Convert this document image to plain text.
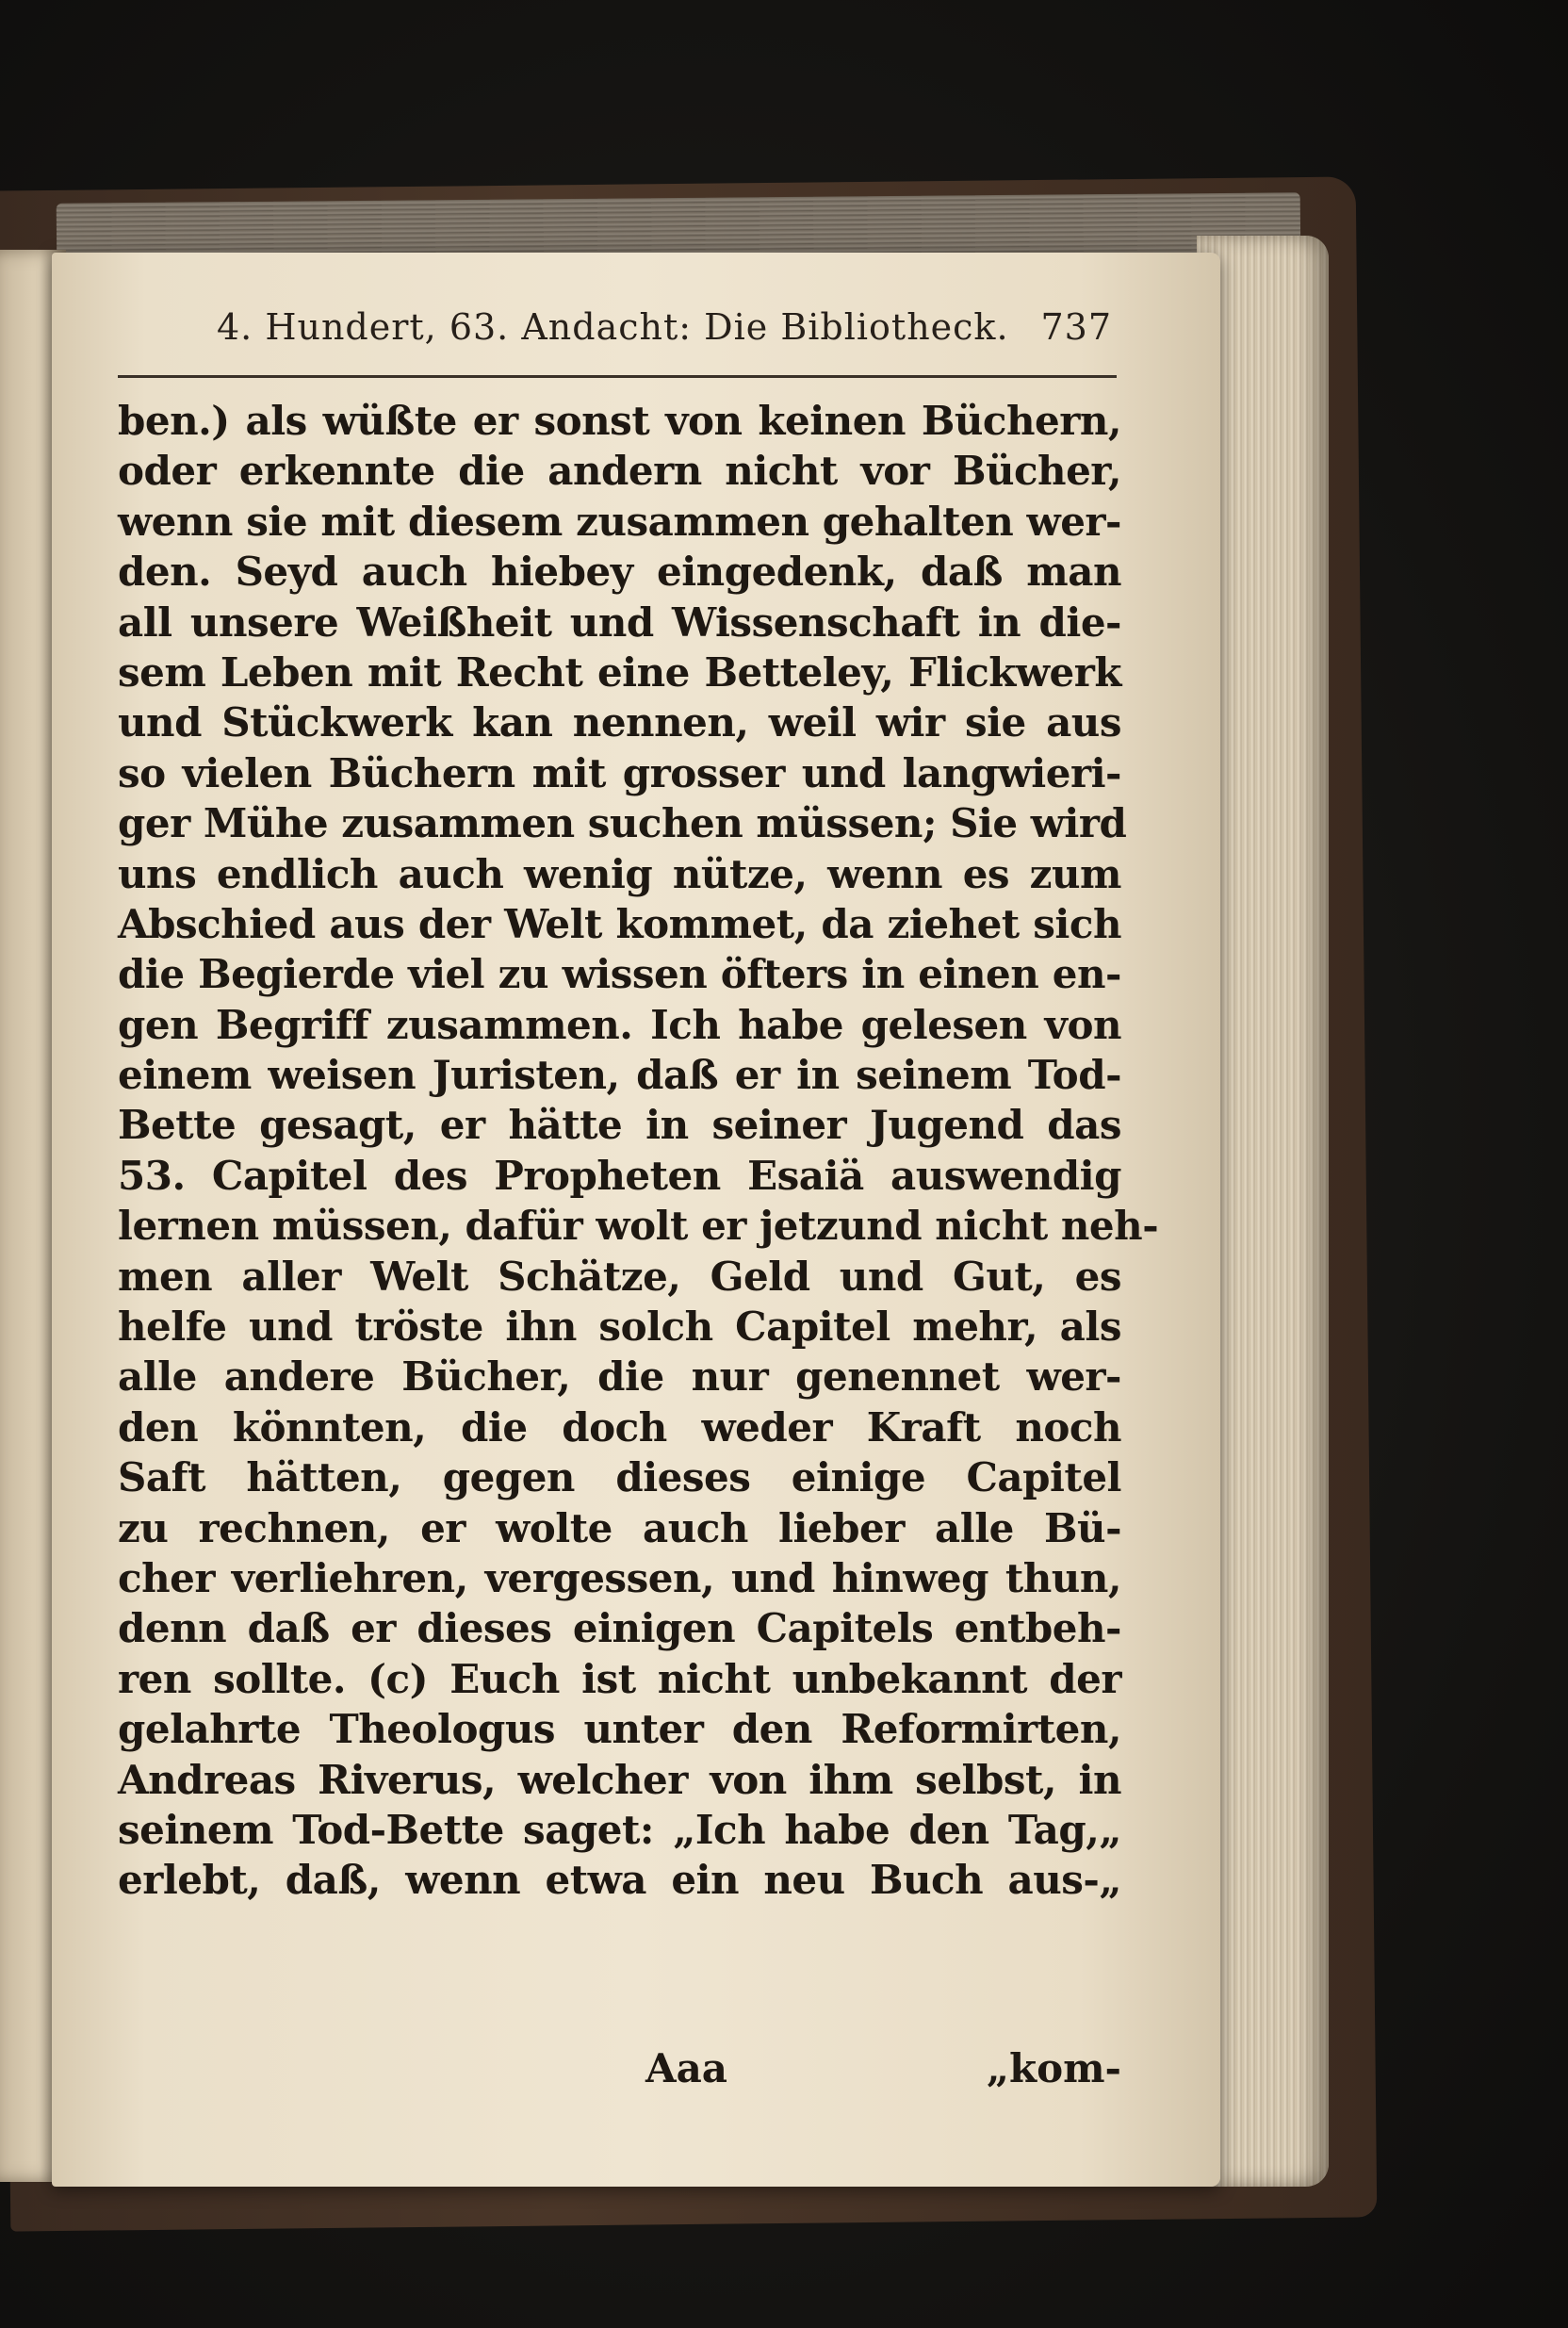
4. Hundert, 63. Andacht: Die Bibliotheck. 737
ben.) als wüßte er sonst von keinen Büchern,
oder erkennte die andern nicht vor Bücher,
wenn sie mit diesem zusammen gehalten wer-
den. Seyd auch hiebey eingedenk, daß man
all unsere Weißheit und Wissenschaft in die-
sem Leben mit Recht eine Betteley, Flickwerk
und Stückwerk kan nennen, weil wir sie aus
so vielen Büchern mit grosser und langwieri-
ger Mühe zusammen suchen müssen; Sie wird
uns endlich auch wenig nütze, wenn es zum
Abschied aus der Welt kommet, da ziehet sich
die Begierde viel zu wissen öfters in einen en-
gen Begriff zusammen. Ich habe gelesen von
einem weisen Juristen, daß er in seinem Tod-
Bette gesagt, er hätte in seiner Jugend das
53. Capitel des Propheten Esaiä auswendig
lernen müssen, dafür wolt er jetzund nicht neh-
men aller Welt Schätze, Geld und Gut, es
helfe und tröste ihn solch Capitel mehr, als
alle andere Bücher, die nur genennet wer-
den könnten, die doch weder Kraft noch
Saft hätten, gegen dieses einige Capitel
zu rechnen, er wolte auch lieber alle Bü-
cher verliehren, vergessen, und hinweg thun,
denn daß er dieses einigen Capitels entbeh-
ren sollte. (c) Euch ist nicht unbekannt der
gelahrte Theologus unter den Reformirten,
Andreas Riverus, welcher von ihm selbst, in
seinem Tod-Bette saget: „Ich habe den Tag,„
erlebt, daß, wenn etwa ein neu Buch aus-„
Aaa	„kom-
